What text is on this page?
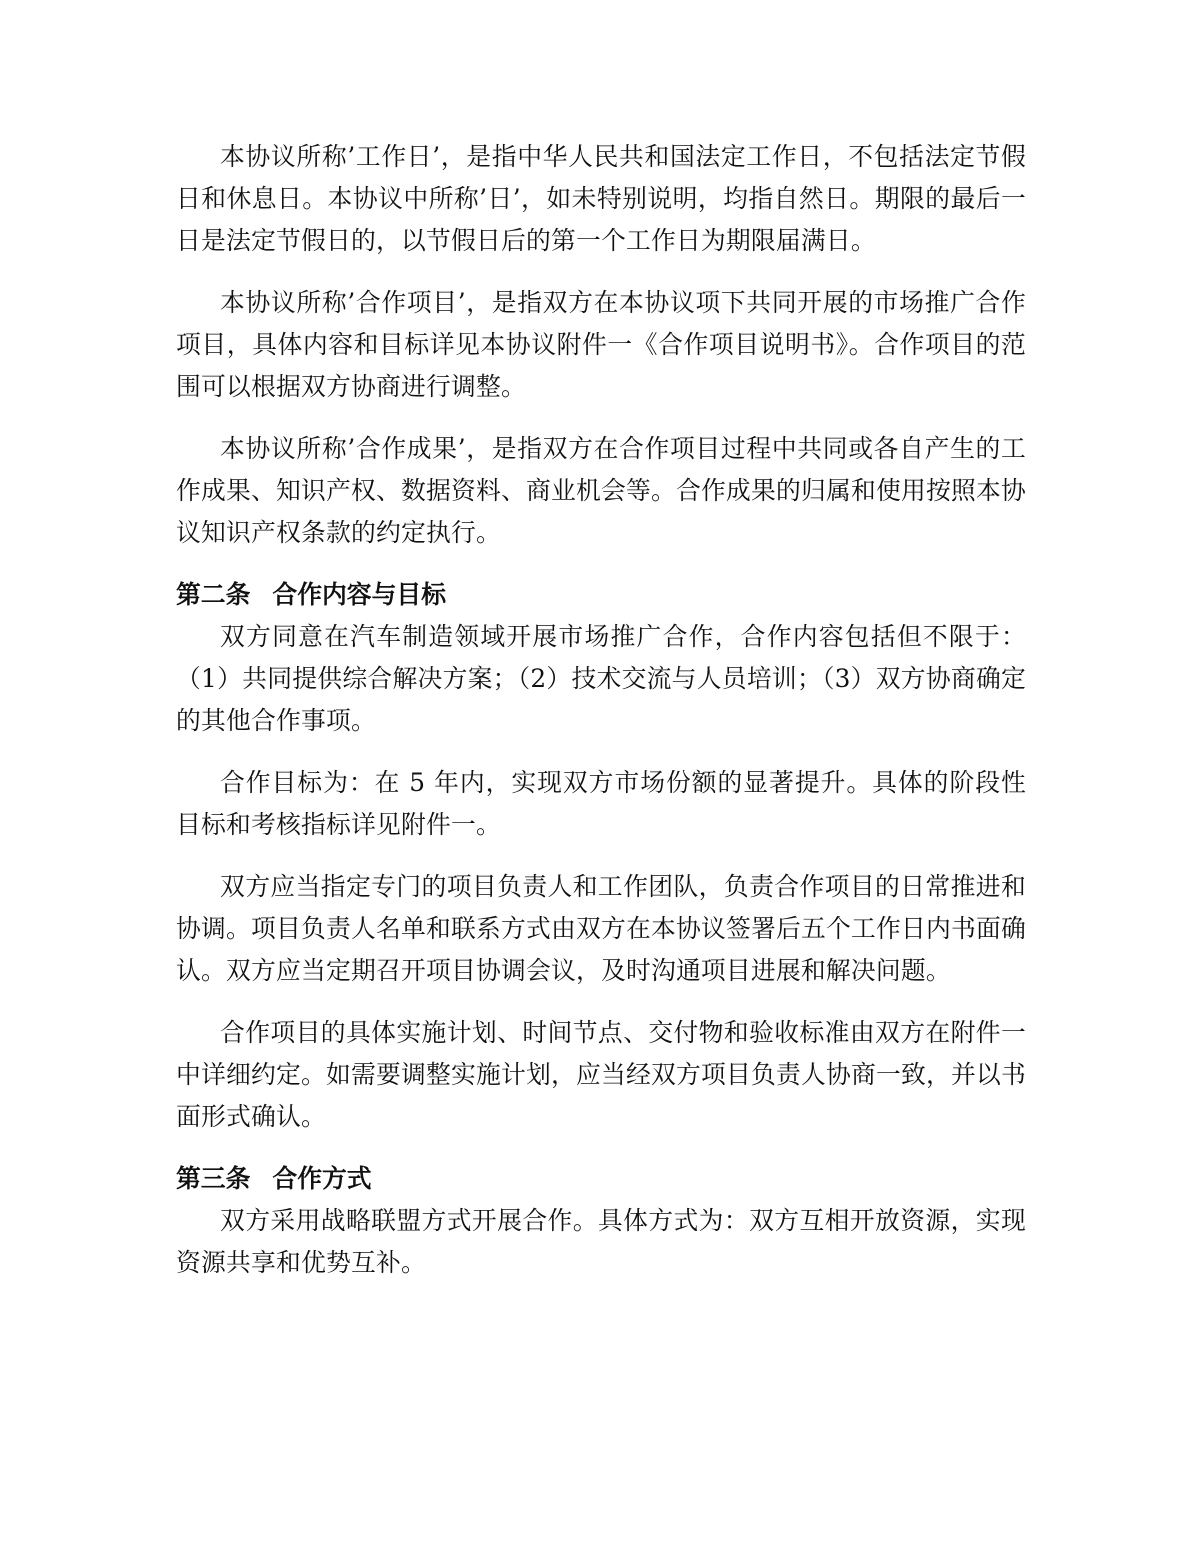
本协议所称’工作日’，是指中华人民共和国法定工作日，不包括法定节假日和休息日。本协议中所称’日’，如未特别说明，均指自然日。期限的最后一日是法定节假日的，以节假日后的第一个工作日为期限届满日。

本协议所称’合作项目’，是指双方在本协议项下共同开展的市场推广合作项目，具体内容和目标详见本协议附件一《合作项目说明书》。合作项目的范围可以根据双方协商进行调整。

本协议所称’合作成果’，是指双方在合作项目过程中共同或各自产生的工作成果、知识产权、数据资料、商业机会等。合作成果的归属和使用按照本协议知识产权条款的约定执行。

第二条 合作内容与目标

双方同意在汽车制造领域开展市场推广合作，合作内容包括但不限于：（1）共同提供综合解决方案；（2）技术交流与人员培训；（3）双方协商确定的其他合作事项。

合作目标为：在 5 年内，实现双方市场份额的显著提升。具体的阶段性目标和考核指标详见附件一。

双方应当指定专门的项目负责人和工作团队，负责合作项目的日常推进和协调。项目负责人名单和联系方式由双方在本协议签署后五个工作日内书面确认。双方应当定期召开项目协调会议，及时沟通项目进展和解决问题。

合作项目的具体实施计划、时间节点、交付物和验收标准由双方在附件一中详细约定。如需要调整实施计划，应当经双方项目负责人协商一致，并以书面形式确认。

第三条 合作方式

双方采用战略联盟方式开展合作。具体方式为：双方互相开放资源，实现资源共享和优势互补。
